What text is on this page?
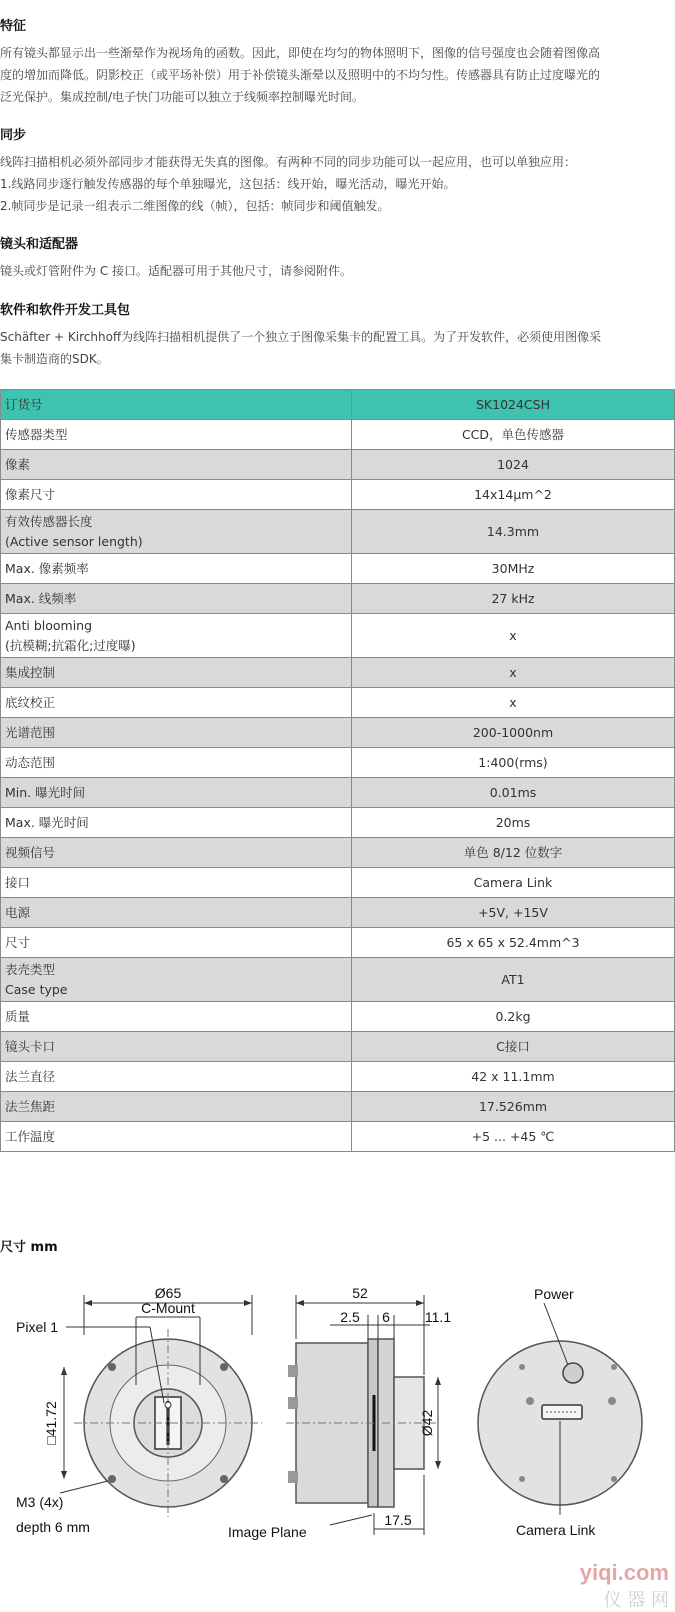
特征

所有镜头都显示出一些渐晕作为视场角的函数。因此，即使在均匀的物体照明下，图像的信号强度也会随着图像高

度的增加而降低。阴影校正（或平场补偿）用于补偿镜头渐晕以及照明中的不均匀性。传感器具有防止过度曝光的

泛光保护。集成控制/电子快门功能可以独立于线频率控制曝光时间。

同步

线阵扫描相机必须外部同步才能获得无失真的图像。有两种不同的同步功能可以一起应用，也可以单独应用：

1.线路同步逐行触发传感器的每个单独曝光，这包括：线开始，曝光活动，曝光开始。

2.帧同步是记录一组表示二维图像的线（帧），包括：帧同步和阈值触发。

镜头和适配器

镜头或灯管附件为 C 接口。适配器可用于其他尺寸，请参阅附件。

软件和软件开发工具包

Schäfter + Kirchhoff为线阵扫描相机提供了一个独立于图像采集卡的配置工具。为了开发软件，必须使用图像采

集卡制造商的SDK。

订货号	SK1024CSH

传感器类型	CCD，单色传感器

像素	1024

像素尺寸	14x14µm^2

有效传感器长度
(Active sensor length)	14.3mm

Max. 像素频率	30MHz

Max. 线频率	27 kHz

Anti blooming
(抗模糊;抗霜化;过度曝)	x

集成控制	x

底纹校正	x

光谱范围	200-1000nm

动态范围	1:400(rms)

Min. 曝光时间	0.01ms

Max. 曝光时间	20ms

视频信号	单色 8/12 位数字

接口	Camera Link

电源	+5V, +15V

尺寸	65 x 65 x 52.4mm^3

表壳类型
Case type	AT1

质量	0.2kg

镜头卡口	C接口

法兰直径	42 x 11.1mm

法兰焦距	17.526mm

工作温度	+5 ... +45 ℃
尺寸 mm
Ø65
C-Mount
Pixel 1
□41.72
M3 (4x)
depth 6 mm
52
2.5 6 11.1
Ø42
17.5
Image Plane
Power
Camera Link
yiqi.com
仪 器 网
